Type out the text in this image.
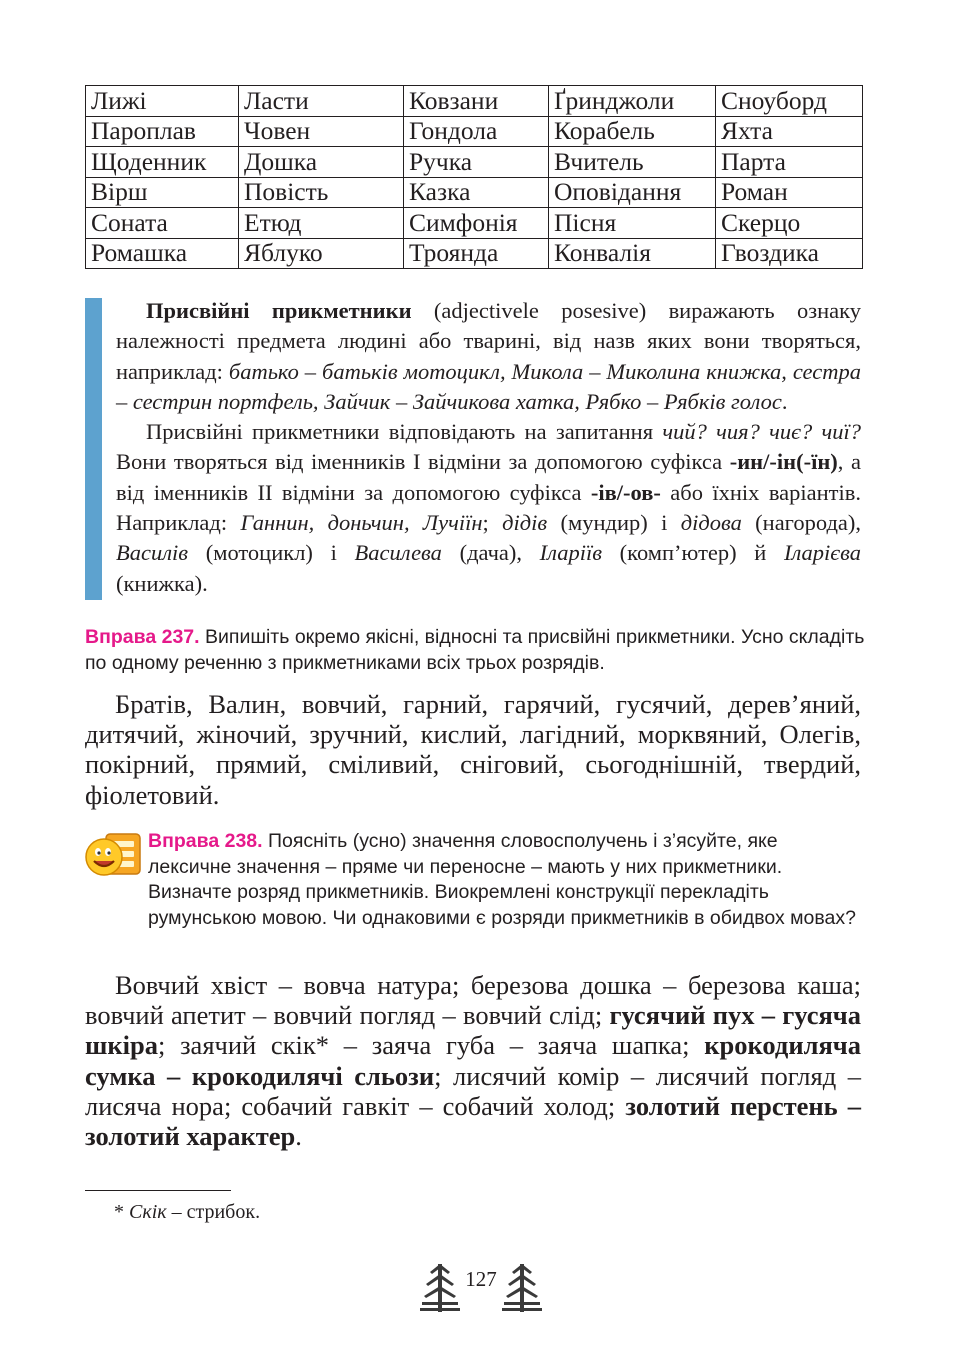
Лижі	Ласти	Ковзани	Ґринджоли	Сноуборд
Пароплав	Човен	Гондола	Корабель	Яхта
Щоденник	Дошка	Ручка	Вчитель	Парта
Вірш	Повість	Казка	Оповідання	Роман
Соната	Етюд	Симфонія	Пісня	Скерцо
Ромашка	Яблуко	Троянда	Конвалія	Гвоздика

Присвійні прикметники (adjectivele posesive) виражають ознаку належності предмета людині або тварині, від назв яких вони творяться, наприклад: батько – батьків мотоцикл, Микола – Миколина книжка, сестра – сестрин портфель, Зайчик – Зайчикова хатка, Рябко – Рябків голос.

Присвійні прикметники відповідають на запитання чий? чия? чиє? чиї? Вони творяться від іменників I відміни за допомогою суфікса -ин/-ін(-їн), а від іменників II відміни за допомогою суфікса -ів/-ов- або їхніх варіантів. Наприклад: Ганнин, доньчин, Лучіїн; дідів (мундир) і дідова (нагорода), Василів (мотоцикл) і Василева (дача), Іларіїв (комп’ютер) й Іларієва (книжка).

Вправа 237. Випишіть окремо якісні, відносні та присвійні прикметники. Усно складіть по одному реченню з прикметниками всіх трьох розрядів.

Братів, Валин, вовчий, гарний, гарячий, гусячий, дерев’яний, дитячий, жіночий, зручний, кислий, лагідний, морквяний, Олегів, покірний, прямий, сміливий, сніговий, сьогоднішній, твердий, фіолетовий.

Вправа 238. Поясніть (усно) значення словосполучень і з’ясуйте, яке лексичне значення – пряме чи переносне – мають у них прикметники. Визначте розряд прикметників. Виокремлені конструкції перекладіть румунською мовою. Чи однаковими є розряди прикметників в обидвох мовах?

Вовчий хвіст – вовча натура; березова дошка – березова каша; вовчий апетит – вовчий погляд – вовчий слід; гусячий пух – гусяча шкіра; заячий скік* – заяча губа – заяча шапка; крокодиляча сумка – крокодилячі сльози; лисячий комір – лисячий погляд – лисяча нора; собачий гавкіт – собачий холод; золотий перстень – золотий характер.

* Скік – стрибок.
127
